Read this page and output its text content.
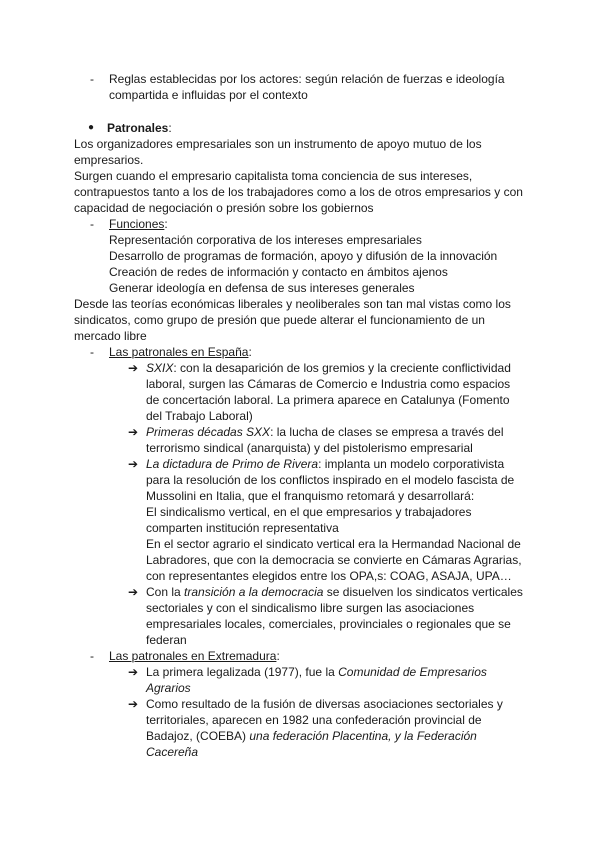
- Reglas establecidas por los actores: según relación de fuerzas e ideología
compartida e influidas por el contexto
● Patronales:
Los organizadores empresariales son un instrumento de apoyo mutuo de los
empresarios.
Surgen cuando el empresario capitalista toma conciencia de sus intereses,
contrapuestos tanto a los de los trabajadores como a los de otros empresarios y con
capacidad de negociación o presión sobre los gobiernos
- Funciones:
Representación corporativa de los intereses empresariales
Desarrollo de programas de formación, apoyo y difusión de la innovación
Creación de redes de información y contacto en ámbitos ajenos
Generar ideología en defensa de sus intereses generales
Desde las teorías económicas liberales y neoliberales son tan mal vistas como los
sindicatos, como grupo de presión que puede alterar el funcionamiento de un
mercado libre
- Las patronales en España:
➔ SXIX: con la desaparición de los gremios y la creciente conflictividad
laboral, surgen las Cámaras de Comercio e Industria como espacios
de concertación laboral. La primera aparece en Catalunya (Fomento
del Trabajo Laboral)
➔ Primeras décadas SXX: la lucha de clases se empresa a través del
terrorismo sindical (anarquista) y del pistolerismo empresarial
➔ La dictadura de Primo de Rivera: implanta un modelo corporativista
para la resolución de los conflictos inspirado en el modelo fascista de
Mussolini en Italia, que el franquismo retomará y desarrollará:
El sindicalismo vertical, en el que empresarios y trabajadores
comparten institución representativa
En el sector agrario el sindicato vertical era la Hermandad Nacional de
Labradores, que con la democracia se convierte en Cámaras Agrarias,
con representantes elegidos entre los OPA,s: COAG, ASAJA, UPA…
➔ Con la transición a la democracia se disuelven los sindicatos verticales
sectoriales y con el sindicalismo libre surgen las asociaciones
empresariales locales, comerciales, provinciales o regionales que se
federan
- Las patronales en Extremadura:
➔ La primera legalizada (1977), fue la Comunidad de Empresarios
Agrarios
➔ Como resultado de la fusión de diversas asociaciones sectoriales y
territoriales, aparecen en 1982 una confederación provincial de
Badajoz, (COEBA) una federación Placentina, y la Federación
Cacereña
